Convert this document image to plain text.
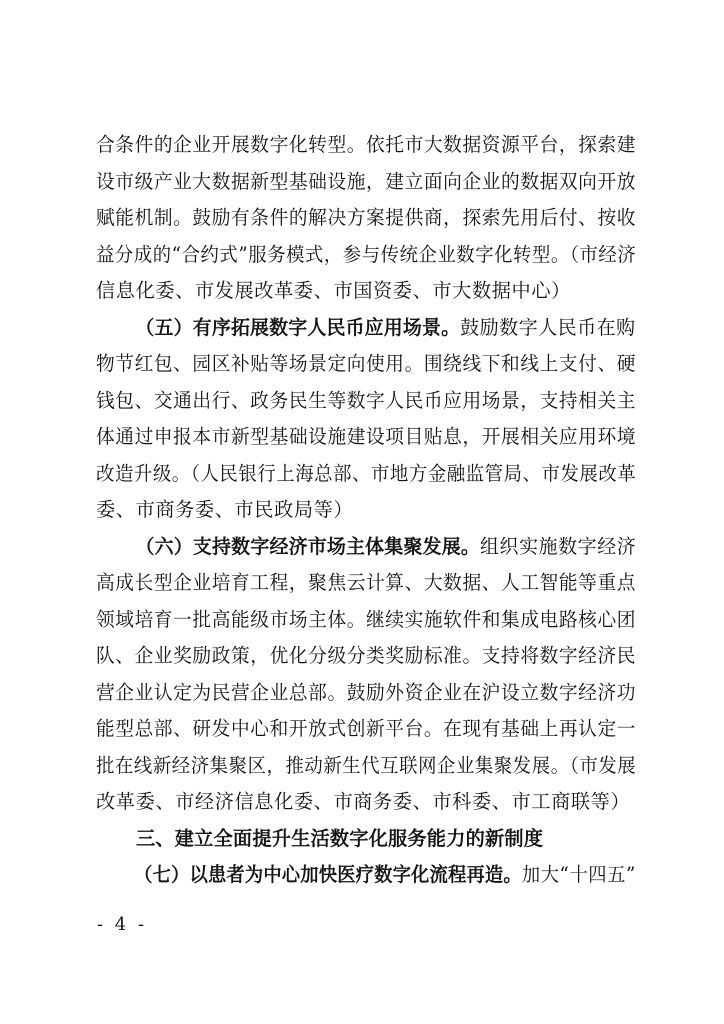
合条件的企业开展数字化转型。依托市大数据资源平台，探索建
设市级产业大数据新型基础设施，建立面向企业的数据双向开放
赋能机制。鼓励有条件的解决方案提供商，探索先用后付、按收
益分成的“合约式”服务模式，参与传统企业数字化转型。（市经济
信息化委、市发展改革委、市国资委、市大数据中心）
（五）有序拓展数字人民币应用场景。鼓励数字人民币在购
物节红包、园区补贴等场景定向使用。围绕线下和线上支付、硬
钱包、交通出行、政务民生等数字人民币应用场景，支持相关主
体通过申报本市新型基础设施建设项目贴息，开展相关应用环境
改造升级。（人民银行上海总部、市地方金融监管局、市发展改革
委、市商务委、市民政局等）
（六）支持数字经济市场主体集聚发展。组织实施数字经济
高成长型企业培育工程，聚焦云计算、大数据、人工智能等重点
领域培育一批高能级市场主体。继续实施软件和集成电路核心团
队、企业奖励政策，优化分级分类奖励标准。支持将数字经济民
营企业认定为民营企业总部。鼓励外资企业在沪设立数字经济功
能型总部、研发中心和开放式创新平台。在现有基础上再认定一
批在线新经济集聚区，推动新生代互联网企业集聚发展。（市发展
改革委、市经济信息化委、市商务委、市科委、市工商联等）
三、建立全面提升生活数字化服务能力的新制度
（七）以患者为中心加快医疗数字化流程再造。加大“十四五”
- 4 -
